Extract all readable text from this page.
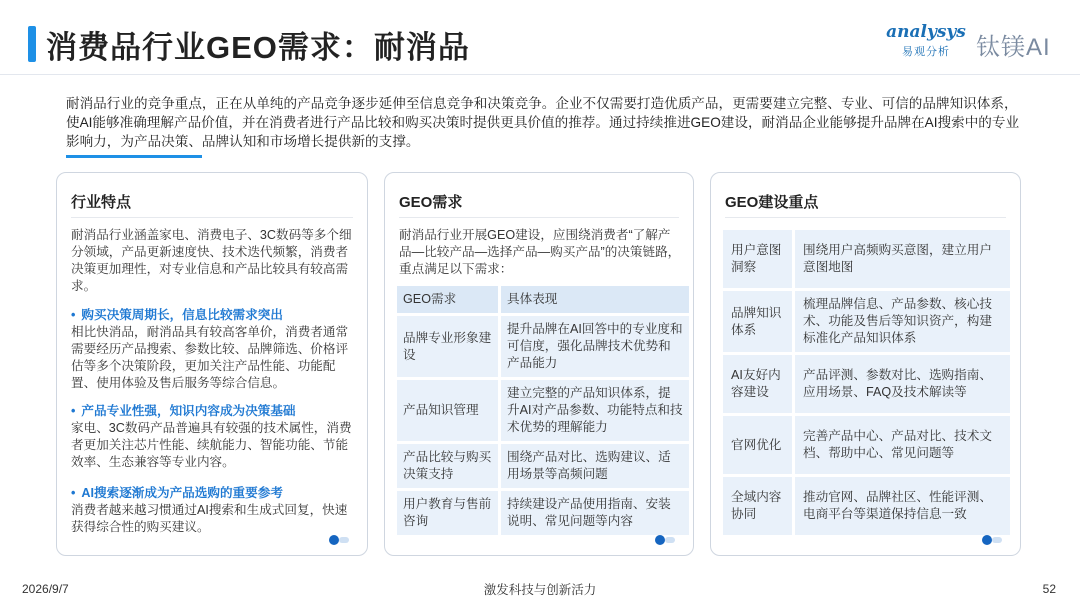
消费品行业GEO需求：耐消品	analysys
易观分析	钛镁AI
耐消品行业的竞争重点，正在从单纯的产品竞争逐步延伸至信息竞争和决策竞争。企业不仅需要打造优质产品，更需要建立完整、专业、可信的品牌知识体系，使AI能够准确理解产品价值，并在消费者进行产品比较和购买决策时提供更具价值的推荐。通过持续推进GEO建设，耐消品企业能够提升品牌在AI搜索中的专业影响力，为产品决策、品牌认知和市场增长提供新的支撑。
行业特点
耐消品行业涵盖家电、消费电子、3C数码等多个细分领域，产品更新速度快、技术迭代频繁，消费者决策更加理性，对专业信息和产品比较具有较高需求。
• 购买决策周期长，信息比较需求突出
相比快消品，耐消品具有较高客单价，消费者通常需要经历产品搜索、参数比较、品牌筛选、价格评估等多个决策阶段，更加关注产品性能、功能配置、使用体验及售后服务等综合信息。
• 产品专业性强，知识内容成为决策基础
家电、3C数码产品普遍具有较强的技术属性，消费者更加关注芯片性能、续航能力、智能功能、节能效率、生态兼容等专业内容。
• AI搜索逐渐成为产品选购的重要参考
消费者越来越习惯通过AI搜索和生成式回复，快速获得综合性的购买建议。
GEO需求
耐消品行业开展GEO建设，应围绕消费者“了解产品—比较产品—选择产品—购买产品”的决策链路，重点满足以下需求：
GEO需求	具体表现
品牌专业形象建设	提升品牌在AI回答中的专业度和可信度，强化品牌技术优势和产品能力
产品知识管理	建立完整的产品知识体系，提升AI对产品参数、功能特点和技术优势的理解能力
产品比较与购买决策支持	围绕产品对比、选购建议、适用场景等高频问题
用户教育与售前咨询	持续建设产品使用指南、安装说明、常见问题等内容
GEO建设重点
用户意图洞察	围绕用户高频购买意图，建立用户意图地图
品牌知识体系	梳理品牌信息、产品参数、核心技术、功能及售后等知识资产，构建标准化产品知识体系
AI友好内容建设	产品评测、参数对比、选购指南、应用场景、FAQ及技术解读等
官网优化	完善产品中心、产品对比、技术文档、帮助中心、常见问题等
全域内容协同	推动官网、品牌社区、性能评测、电商平台等渠道保持信息一致
2026/9/7	激发科技与创新活力	52
